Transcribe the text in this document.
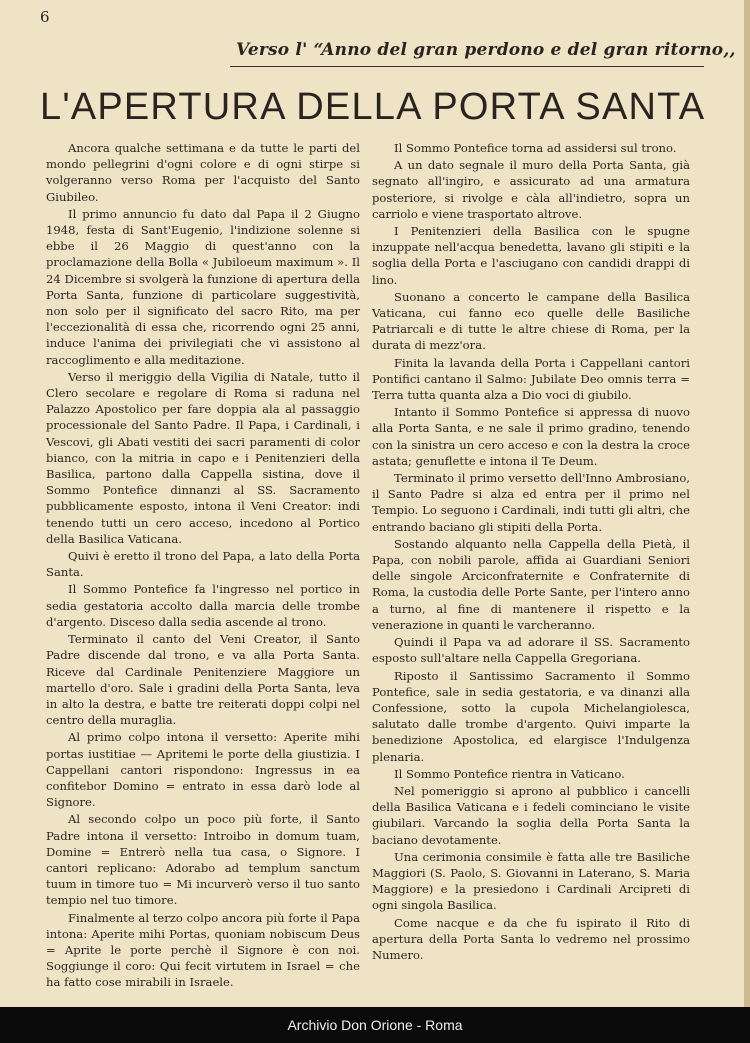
6
Verso l' “Anno del gran perdono e del gran ritorno,,
L'APERTURA DELLA PORTA SANTA

Ancora qualche settimana e da tutte le parti del mondo pellegrini d'ogni colore e di ogni stirpe si volgeranno verso Roma per l'acquisto del Santo Giubileo.

Il primo annuncio fu dato dal Papa il 2 Giugno 1948, festa di Sant'Eugenio, l'indizione solenne si ebbe il 26 Maggio di quest'anno con la proclamazione della Bolla « Jubiloeum maximum ». Il 24 Dicembre si svolgerà la funzione di apertura della Porta Santa, funzione di particolare suggestività, non solo per il significato del sacro Rito, ma per l'eccezionalità di essa che, ricorrendo ogni 25 anni, induce l'anima dei privilegiati che vi assistono al raccoglimento e alla meditazione.

Verso il meriggio della Vigilia di Natale, tutto il Clero secolare e regolare di Roma si raduna nel Palazzo Apostolico per fare doppia ala al passaggio processionale del Santo Padre. Il Papa, i Cardinali, i Vescovi, gli Abati vestiti dei sacri paramenti di color bianco, con la mitria in capo e i Penitenzieri della Basilica, partono dalla Cappella sistina, dove il Sommo Pontefice dinnanzi al SS. Sacramento pubblicamente esposto, intona il Veni Creator: indi tenendo tutti un cero acceso, incedono al Portico della Basilica Vaticana.

Quivi è eretto il trono del Papa, a lato della Porta Santa.

Il Sommo Pontefice fa l'ingresso nel portico in sedia gestatoria accolto dalla marcia delle trombe d'argento. Disceso dalla sedia ascende al trono.

Terminato il canto del Veni Creator, il Santo Padre discende dal trono, e va alla Porta Santa. Riceve dal Cardinale Penitenziere Maggiore un martello d'oro. Sale i gradini della Porta Santa, leva in alto la destra, e batte tre reiterati doppi colpi nel centro della muraglia.

Al primo colpo intona il versetto: Aperite mihi portas iustitiae — Apritemi le porte della giustizia. I Cappellani cantori rispondono: Ingressus in ea confitebor Domino = entrato in essa darò lode al Signore.

Al secondo colpo un poco più forte, il Santo Padre intona il versetto: Introibo in domum tuam, Domine = Entrerò nella tua casa, o Signore. I cantori replicano: Adorabo ad templum sanctum tuum in timore tuo = Mi incurverò verso il tuo santo tempio nel tuo timore.

Finalmente al terzo colpo ancora più forte il Papa intona: Aperite mihi Portas, quoniam nobiscum Deus = Aprite le porte perchè il Signore è con noi. Soggiunge il coro: Qui fecit virtutem in Israel = che ha fatto cose mirabili in Israele.

Il Sommo Pontefice torna ad assidersi sul trono.

A un dato segnale il muro della Porta Santa, già segnato all'ingiro, e assicurato ad una armatura posteriore, si rivolge e càla all'indietro, sopra un carriolo e viene trasportato altrove.

I Penitenzieri della Basilica con le spugne inzuppate nell'acqua benedetta, lavano gli stipiti e la soglia della Porta e l'asciugano con candidi drappi di lino.

Suonano a concerto le campane della Basilica Vaticana, cui fanno eco quelle delle Basiliche Patriarcali e di tutte le altre chiese di Roma, per la durata di mezz'ora.

Finita la lavanda della Porta i Cappellani cantori Pontifici cantano il Salmo: Jubilate Deo omnis terra = Terra tutta quanta alza a Dio voci di giubilo.

Intanto il Sommo Pontefice si appressa di nuovo alla Porta Santa, e ne sale il primo gradino, tenendo con la sinistra un cero acceso e con la destra la croce astata; genuflette e intona il Te Deum.

Terminato il primo versetto dell'Inno Ambrosiano, il Santo Padre si alza ed entra per il primo nel Tempio. Lo seguono i Cardinali, indi tutti gli altri, che entrando baciano gli stipiti della Porta.

Sostando alquanto nella Cappella della Pietà, il Papa, con nobili parole, affida ai Guardiani Seniori delle singole Arciconfraternite e Confraternite di Roma, la custodia delle Porte Sante, per l'intero anno a turno, al fine di mantenere il rispetto e la venerazione in quanti le varcheranno.

Quindi il Papa va ad adorare il SS. Sacramento esposto sull'altare nella Cappella Gregoriana.

Riposto il Santissimo Sacramento il Sommo Pontefice, sale in sedia gestatoria, e va dinanzi alla Confessione, sotto la cupola Michelangiolesca, salutato dalle trombe d'argento. Quivi imparte la benedizione Apostolica, ed elargisce l'Indulgenza plenaria.

Il Sommo Pontefice rientra in Vaticano.

Nel pomeriggio si aprono al pubblico i cancelli della Basilica Vaticana e i fedeli cominciano le visite giubilari. Varcando la soglia della Porta Santa la baciano devotamente.

Una cerimonia consimile è fatta alle tre Basiliche Maggiori (S. Paolo, S. Giovanni in Laterano, S. Maria Maggiore) e la presiedono i Cardinali Arcipreti di ogni singola Basilica.

Come nacque e da che fu ispirato il Rito di apertura della Porta Santa lo vedremo nel prossimo Numero.

Archivio Don Orione - Roma
